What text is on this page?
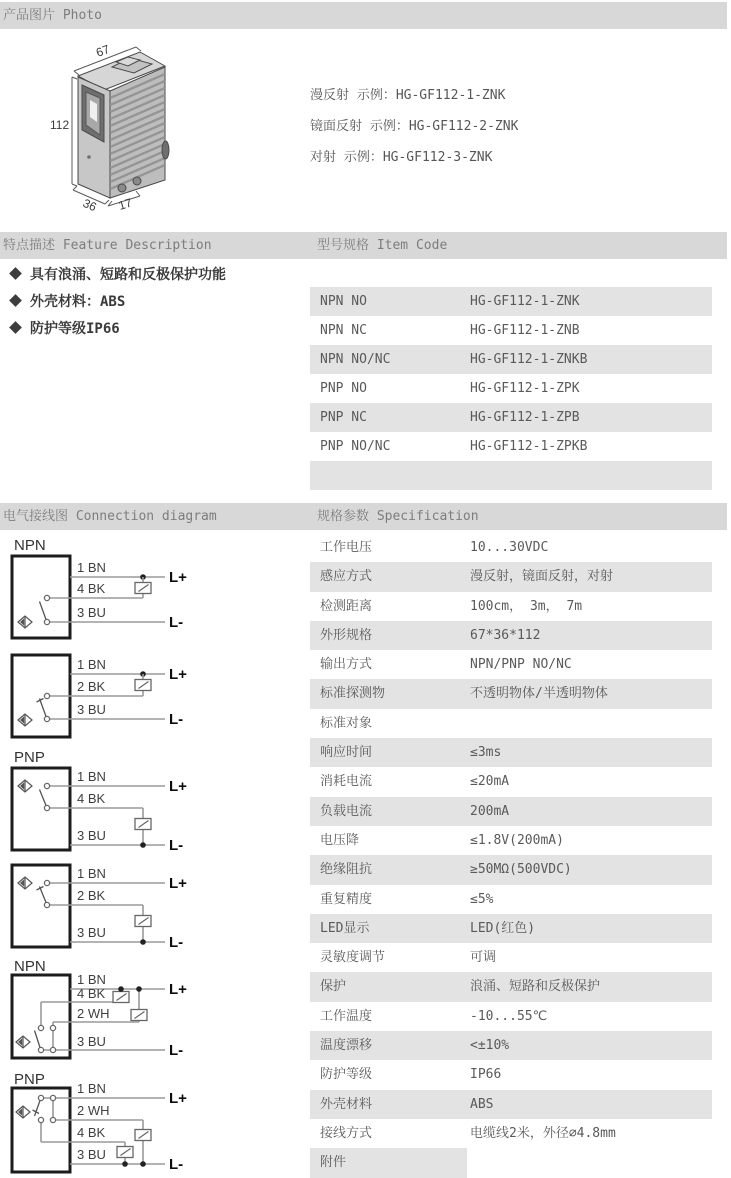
产品图片 Photo
67
112
36 17
漫反射 示例：HG-GF112-1-ZNK
镜面反射 示例：HG-GF112-2-ZNK
对射 示例：HG-GF112-3-ZNK
特点描述 Feature Description	型号规格 Item Code
具有浪涌、短路和反极保护功能
外壳材料：ABS
防护等级IP66
NPN NO	HG-GF112-1-ZNK
NPN NC	HG-GF112-1-ZNB
NPN NO/NC	HG-GF112-1-ZNKB
PNP NO	HG-GF112-1-ZPK
PNP NC	HG-GF112-1-ZPB
PNP NO/NC	HG-GF112-1-ZPKB
电气接线图 Connection diagram	规格参数 Specification
NPN
1 BN
4 BK
3 BU
L+
L-
1 BN
2 BK
3 BU
L+
L-
PNP
1 BN
4 BK
3 BU
L+
L-
1 BN
2 BK
3 BU
L+
L-
NPN
1 BN
4 BK
2 WH
3 BU
L+
L-
PNP
1 BN
2 WH
4 BK
3 BU
L+
L-
工作电压	10...30VDC
感应方式	漫反射，镜面反射，对射
检测距离	100cm， 3m， 7m
外形规格	67*36*112
输出方式	NPN/PNP NO/NC
标准探测物	不透明物体/半透明物体
标准对象
响应时间	≤3ms
消耗电流	≤20mA
负载电流	200mA
电压降	≤1.8V(200mA)
绝缘阻抗	≥50MΩ(500VDC)
重复精度	≤5%
LED显示	LED(红色)
灵敏度调节	可调
保护	浪涌、短路和反极保护
工作温度	-10...55℃
温度漂移	<±10%
防护等级	IP66
外壳材料	ABS
接线方式	电缆线2米，外径∅4.8mm
附件
